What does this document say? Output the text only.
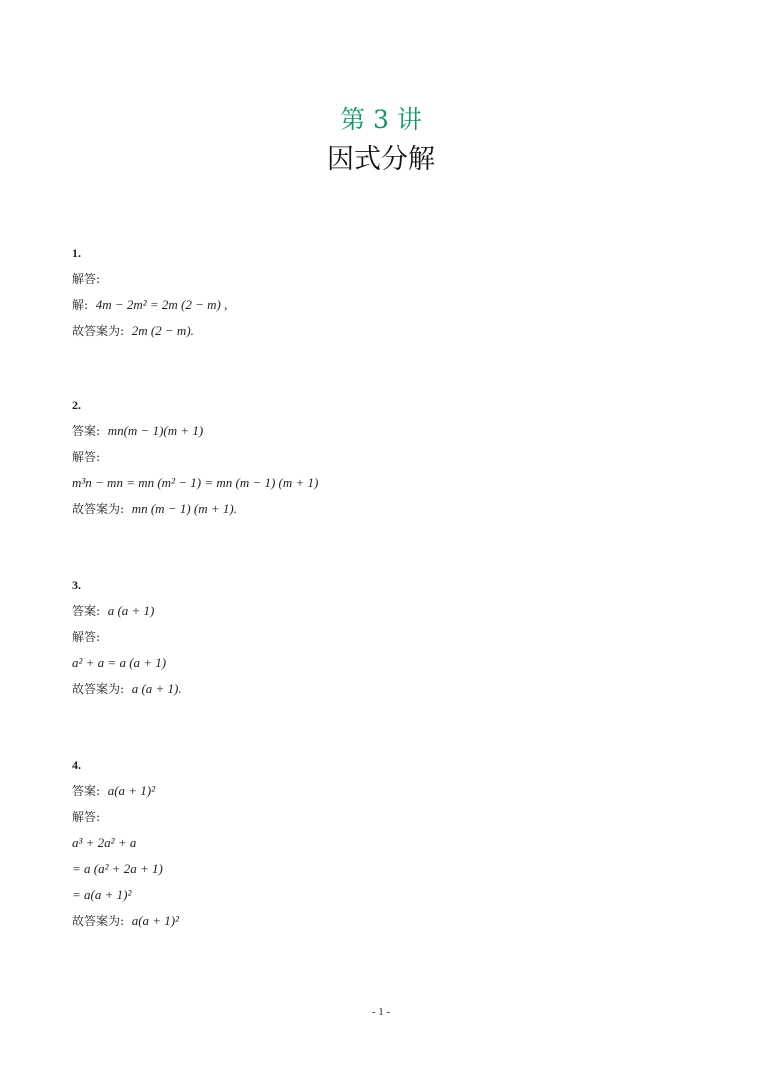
第 3 讲
因式分解
1.
解答:
解: 4m − 2m² = 2m (2 − m) ,
故答案为: 2m (2 − m).
2.
答案: mn(m − 1)(m + 1)
解答:
m³n − mn = mn (m² − 1) = mn (m − 1) (m + 1)
故答案为: mn (m − 1) (m + 1).
3.
答案: a (a + 1)
解答:
a² + a = a (a + 1)
故答案为: a (a + 1).
4.
答案: a(a + 1)²
解答:
a³ + 2a² + a
= a (a² + 2a + 1)
= a(a + 1)²
故答案为: a(a + 1)²
- 1 -
